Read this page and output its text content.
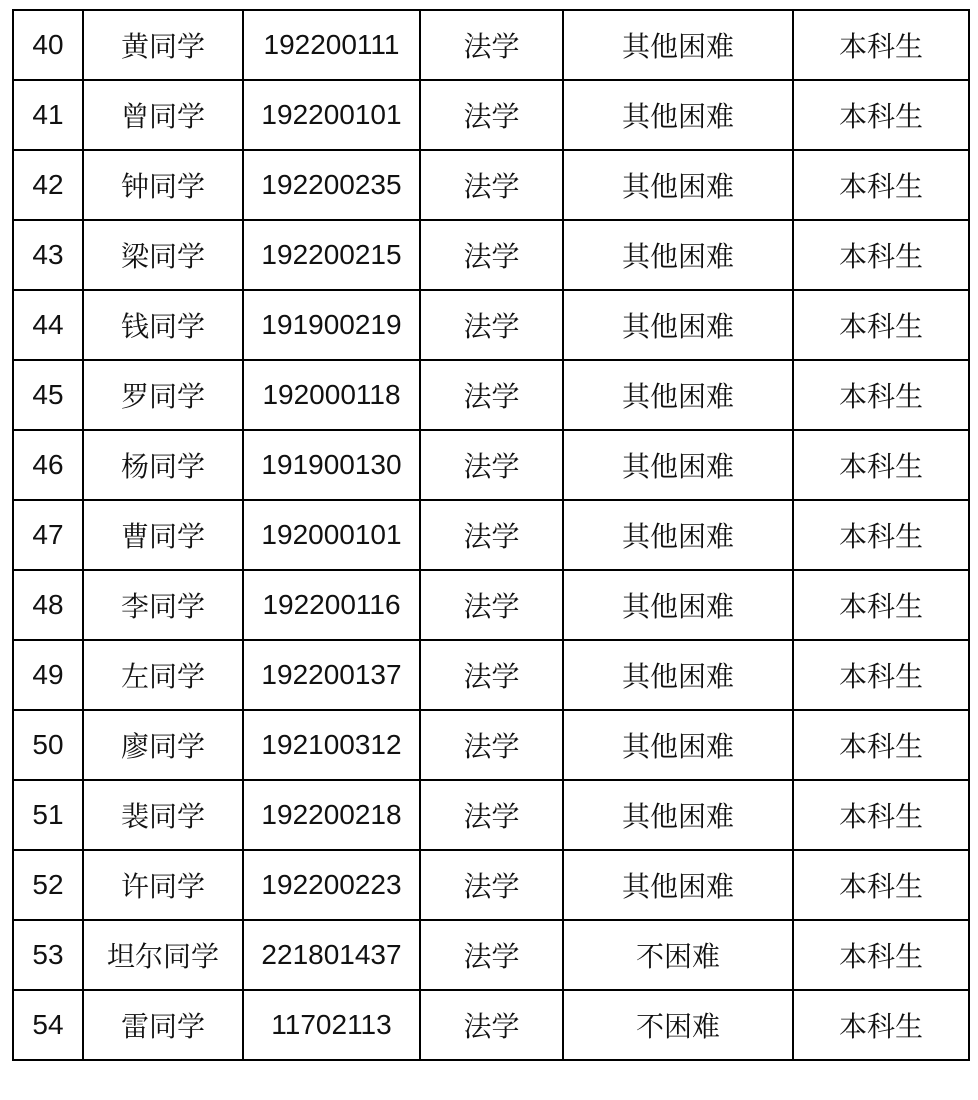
40	黄同学	192200111	法学	其他困难	本科生
41	曾同学	192200101	法学	其他困难	本科生
42	钟同学	192200235	法学	其他困难	本科生
43	梁同学	192200215	法学	其他困难	本科生
44	钱同学	191900219	法学	其他困难	本科生
45	罗同学	192000118	法学	其他困难	本科生
46	杨同学	191900130	法学	其他困难	本科生
47	曹同学	192000101	法学	其他困难	本科生
48	李同学	192200116	法学	其他困难	本科生
49	左同学	192200137	法学	其他困难	本科生
50	廖同学	192100312	法学	其他困难	本科生
51	裴同学	192200218	法学	其他困难	本科生
52	许同学	192200223	法学	其他困难	本科生
53	坦尔同学	221801437	法学	不困难	本科生
54	雷同学	11702113	法学	不困难	本科生
